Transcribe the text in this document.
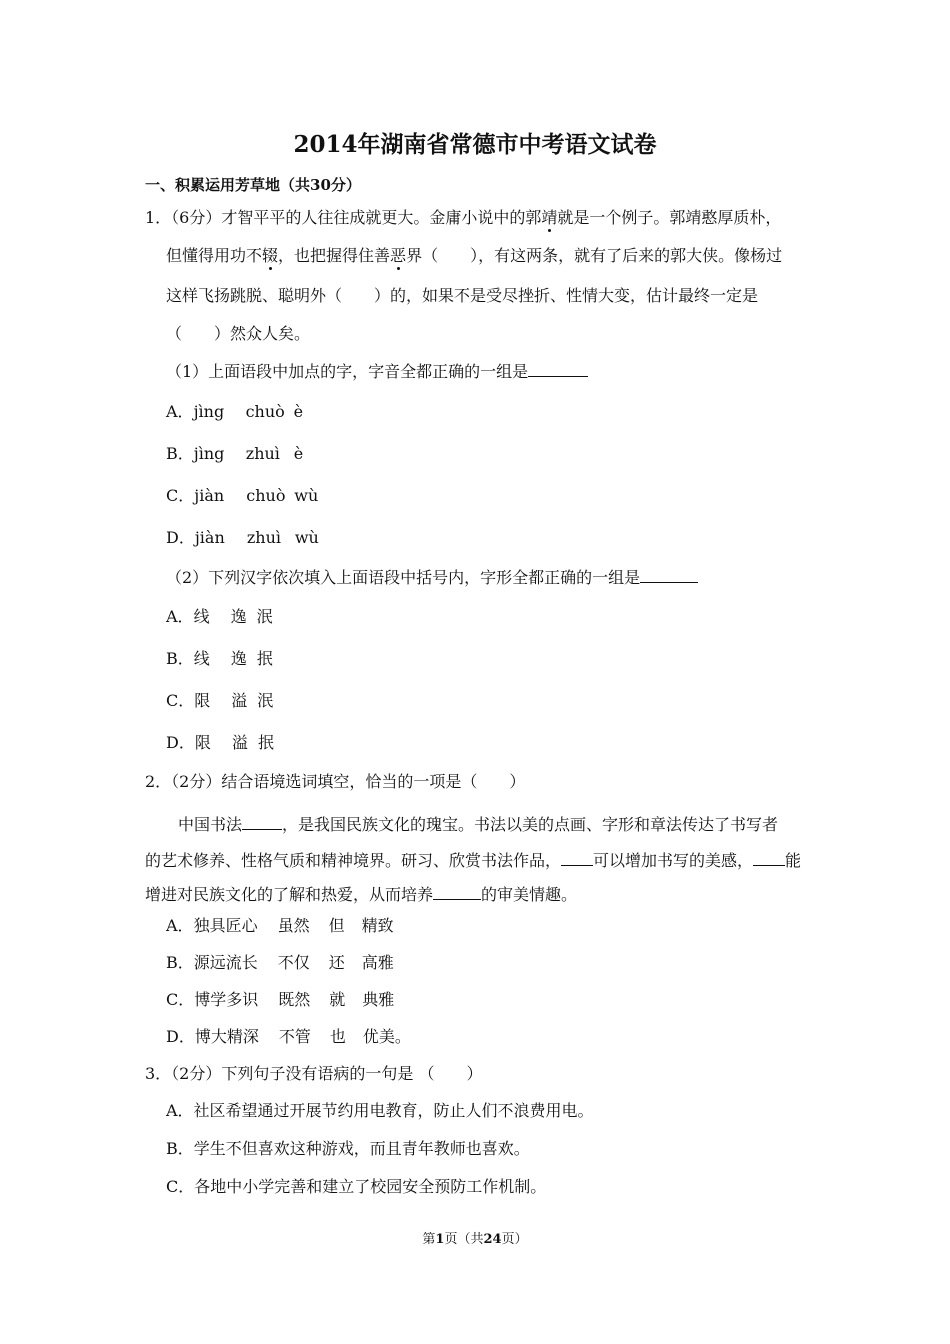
2014年湖南省常德市中考语文试卷
一、积累运用芳草地（共30分）
1．（6分）才智平平的人往往成就更大。金庸小说中的郭靖就是一个例子。郭靖憨厚质朴，
但懂得用功不辍，也把握得住善恶界（　　），有这两条，就有了后来的郭大侠。像杨过
这样飞扬跳脱、聪明外（　　）的，如果不是受尽挫折、性情大变，估计最终一定是
（　　）然众人矣。
（1）上面语段中加点的字，字音全都正确的一组是
A．jìng chuò è
B．jìng zhuì è
C．jiàn chuò wù
D．jiàn zhuì wù
（2）下列汉字依次填入上面语段中括号内，字形全都正确的一组是
A．线 逸 泯
B．线 逸 抿
C．限 溢 泯
D．限 溢 抿
2．（2分）结合语境选词填空，恰当的一项是（　　）
中国书法	，是我国民族文化的瑰宝。书法以美的点画、字形和章法传达了书写者
的艺术修养、性格气质和精神境界。研习、欣赏书法作品， 可以增加书写的美感， 能
增进对民族文化的了解和热爱，从而培养	的审美情趣。
A．独具匠心 虽然 但 精致
B．源远流长 不仅 还 高雅
C．博学多识 既然 就 典雅
D．博大精深 不管 也 优美。
3．（2分）下列句子没有语病的一句是 （　　）
A．社区希望通过开展节约用电教育，防止人们不浪费用电。
B．学生不但喜欢这种游戏，而且青年教师也喜欢。
C．各地中小学完善和建立了校园安全预防工作机制。
第1页（共24页）
